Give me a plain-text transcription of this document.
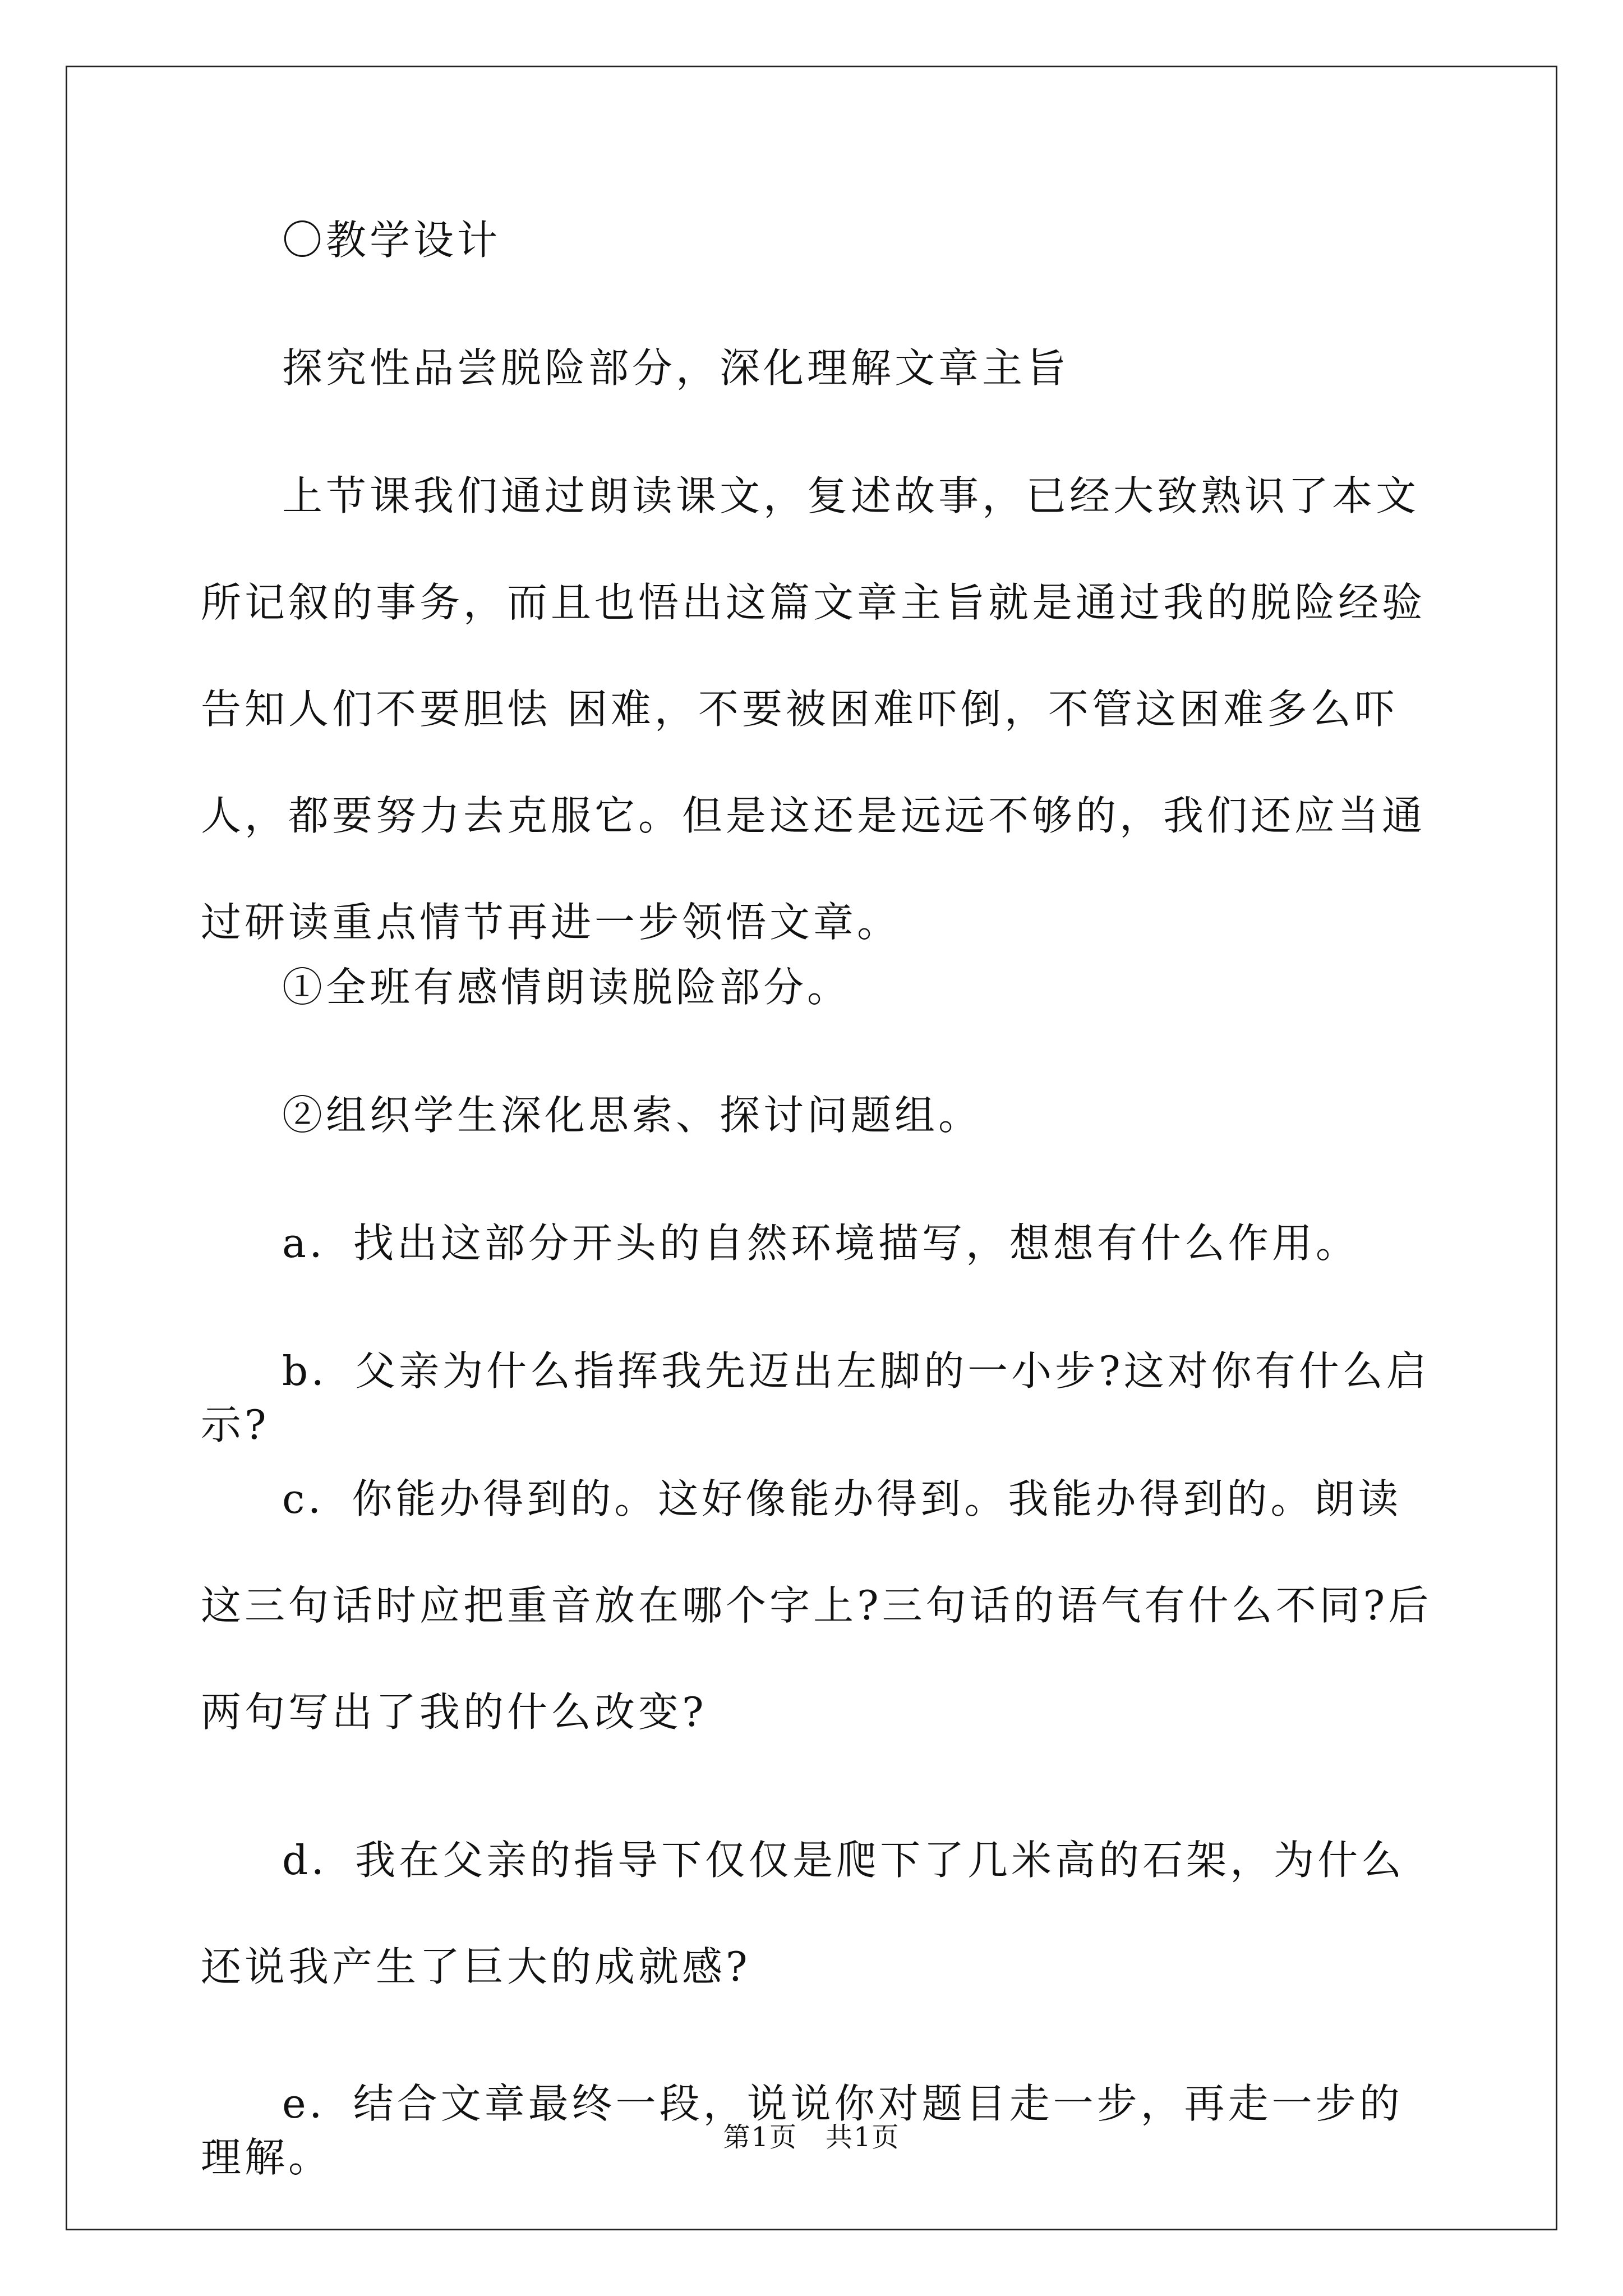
〇教学设计

探究性品尝脱险部分，深化理解文章主旨

上节课我们通过朗读课文，复述故事，已经大致熟识了本文所记叙的事务，而且也悟出这篇文章主旨就是通过我的脱险经验告知人们不要胆怯 困难，不要被困难吓倒，不管这困难多么吓人，都要努力去克服它。但是这还是远远不够的，我们还应当通过研读重点情节再进一步领悟文章。

①全班有感情朗读脱险部分。

②组织学生深化思索、探讨问题组。

a．找出这部分开头的自然环境描写，想想有什么作用。

b．父亲为什么指挥我先迈出左脚的一小步?这对你有什么启示?

c．你能办得到的。这好像能办得到。我能办得到的。朗读这三句话时应把重音放在哪个字上?三句话的语气有什么不同?后两句写出了我的什么改变?

d．我在父亲的指导下仅仅是爬下了几米高的石架，为什么还说我产生了巨大的成就感?

e．结合文章最终一段，说说你对题目走一步，再走一步的理解。	第1页 共1页
